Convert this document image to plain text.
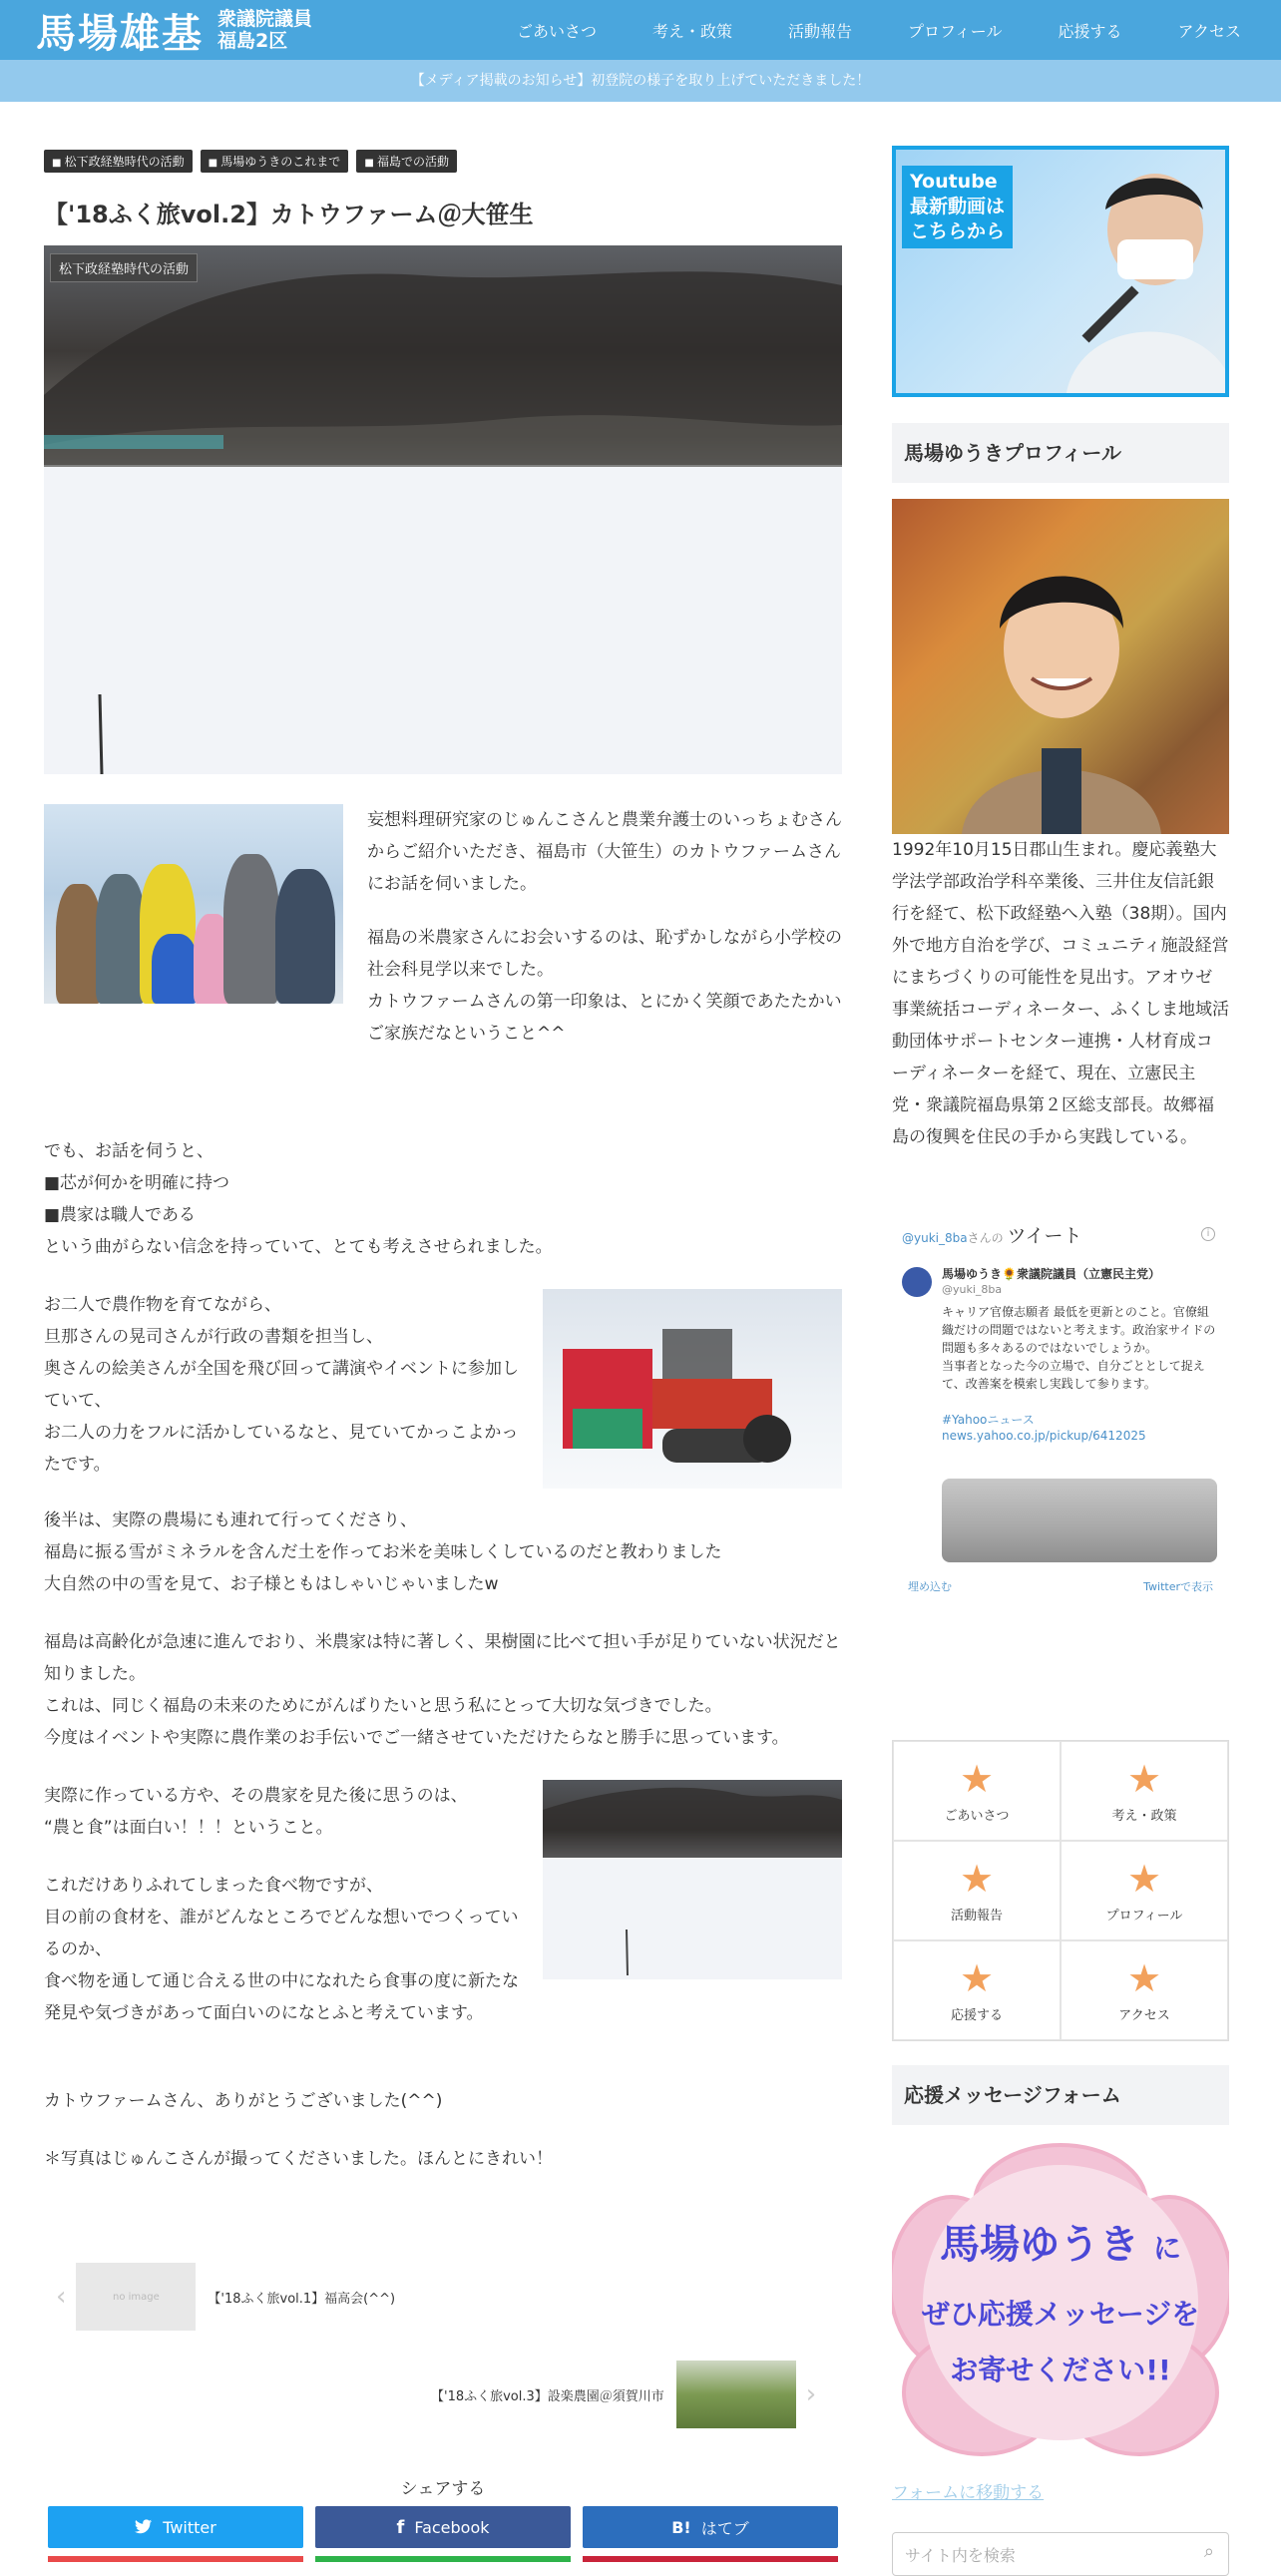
馬場雄基 衆議院議員
福島2区	ごあいさつ	考え・政策	活動報告	プロフィール	応援する	アクセス
【メディア掲載のお知らせ】初登院の様子を取り上げていただきました！
■ 松下政経塾時代の活動	■ 馬場ゆうきのこれまで	■ 福島での活動
【'18ふく旅vol.2】カトウファーム＠大笹生
松下政経塾時代の活動

妄想料理研究家のじゅんこさんと農業弁護士のいっちょむさんからご紹介いただき、福島市（大笹生）のカトウファームさんにお話を伺いました。

福島の米農家さんにお会いするのは、恥ずかしながら小学校の社会科見学以来でした。

カトウファームさんの第一印象は、とにかく笑顔であたたかいご家族だなということ^^

でも、お話を伺うと、

■芯が何かを明確に持つ

■農家は職人である

という曲がらない信念を持っていて、とても考えさせられました。

お二人で農作物を育てながら、

旦那さんの晃司さんが行政の書類を担当し、

奥さんの絵美さんが全国を飛び回って講演やイベントに参加していて、

お二人の力をフルに活かしているなと、見ていてかっこよかったです。

後半は、実際の農場にも連れて行ってくださり、

福島に振る雪がミネラルを含んだ土を作ってお米を美味しくしているのだと教わりました

大自然の中の雪を見て、お子様ともはしゃいじゃいましたw

福島は高齢化が急速に進んでおり、米農家は特に著しく、果樹園に比べて担い手が足りていない状況だと知りました。

これは、同じく福島の未来のためにがんばりたいと思う私にとって大切な気づきでした。

今度はイベントや実際に農作業のお手伝いでご一緒させていただけたらなと勝手に思っています。

実際に作っている方や、その農家を見た後に思うのは、

“農と食”は面白い！！！ということ。

これだけありふれてしまった食べ物ですが、

目の前の食材を、誰がどんなところでどんな想いでつくっているのか、

食べ物を通して通じ合える世の中になれたら食事の度に新たな発見や気づきがあって面白いのになとふと考えています。

カトウファームさん、ありがとうございました(^^)
＊写真はじゅんこさんが撮ってくださいました。ほんとにきれい！
‹	no image	【'18ふく旅vol.1】福高会(^^)
【'18ふく旅vol.3】設楽農園＠須賀川市	›
シェアする
Twitter	f Facebook	B! はてブ
Youtube
最新動画は
こちらから
馬場ゆうきプロフィール
1992年10月15日郡山生まれ。慶応義塾大学法学部政治学科卒業後、三井住友信託銀行を経て、松下政経塾へ入塾（38期）。国内外で地方自治を学び、コミュニティ施設経営にまちづくりの可能性を見出す。アオウゼ事業統括コーディネーター、ふくしま地域活動団体サポートセンター連携・人材育成コーディネーターを経て、現在、立憲民主党・衆議院福島県第２区総支部長。故郷福島の復興を住民の手から実践している。
@yuki_8baさんの ツイート	i
馬場ゆうき🌻衆議院議員（立憲民主党）
@yuki_8ba
キャリア官僚志願者 最低を更新とのこと。官僚組織だけの問題ではないと考えます。政治家サイドの問題も多々あるのではないでしょうか。
当事者となった今の立場で、自分ごととして捉えて、改善案を模索し実践して参ります。
#Yahooニュース
news.yahoo.co.jp/pickup/6412025
埋め込む	Twitterで表示
★
ごあいさつ
★
考え・政策
★
活動報告
★
プロフィール
★
応援する
★
アクセス
応援メッセージフォーム
馬場ゆうき に
ぜひ応援メッセージを
お寄せください!!
フォームに移動する
サイト内を検索	⌕
